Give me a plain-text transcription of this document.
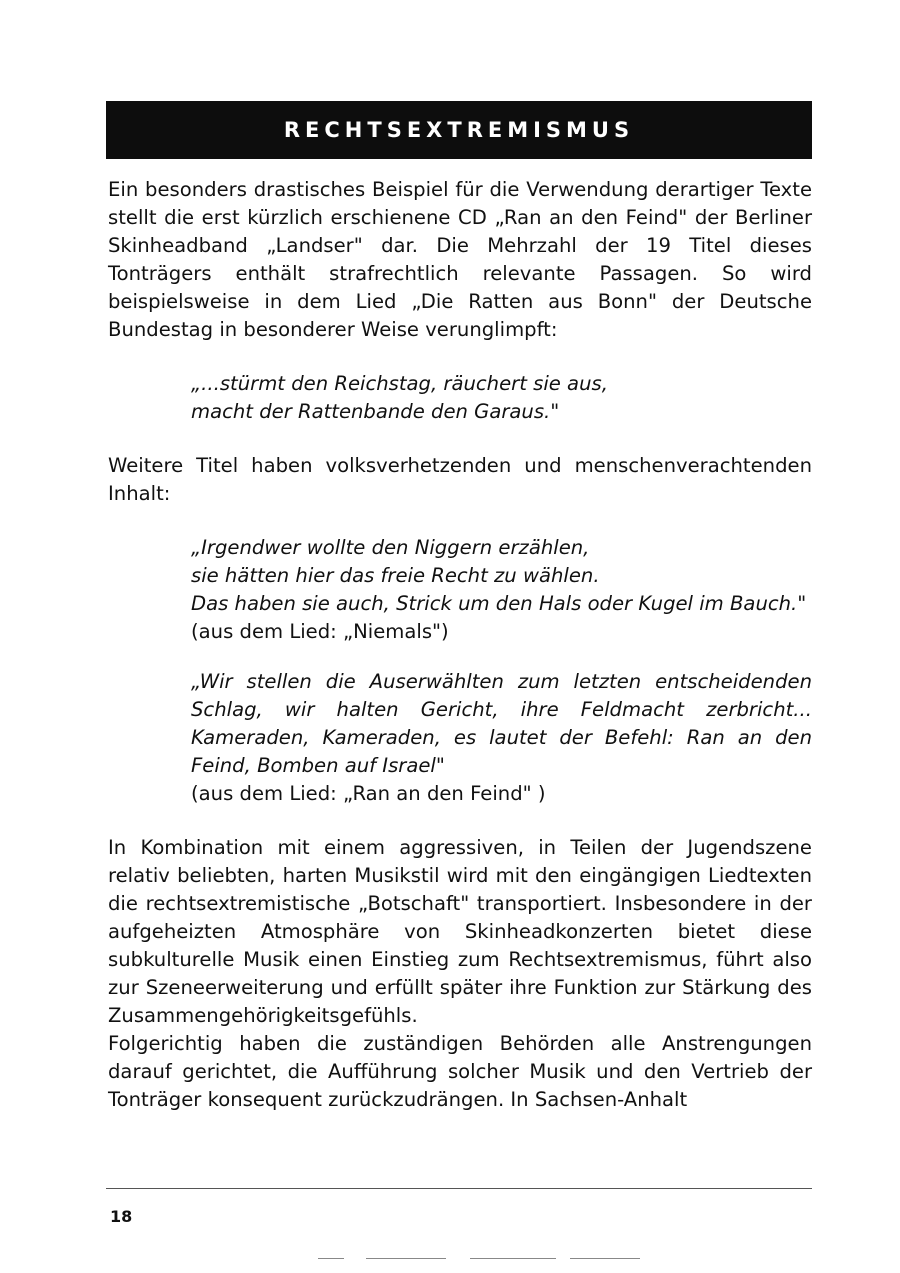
RECHTSEXTREMISMUS

Ein besonders drastisches Beispiel für die Verwendung derartiger Texte stellt die erst kürzlich erschienene CD „Ran an den Feind" der Berliner Skinheadband „Landser" dar. Die Mehrzahl der 19 Titel dieses Tonträgers enthält strafrechtlich relevante Passagen. So wird beispielsweise in dem Lied „Die Ratten aus Bonn" der Deutsche Bundestag in besonderer Weise verunglimpft:

„...stürmt den Reichstag, räuchert sie aus,
macht der Rattenbande den Garaus."

Weitere Titel haben volksverhetzenden und menschenverachtenden Inhalt:

„Irgendwer wollte den Niggern erzählen,
sie hätten hier das freie Recht zu wählen.
Das haben sie auch, Strick um den Hals oder Kugel im Bauch."
(aus dem Lied: „Niemals")

„Wir stellen die Auserwählten zum letzten entscheidenden Schlag, wir halten Gericht, ihre Feldmacht zerbricht... Kameraden, Kameraden, es lautet der Befehl: Ran an den Feind, Bomben auf Israel"
(aus dem Lied: „Ran an den Feind" )

In Kombination mit einem aggressiven, in Teilen der Jugendszene relativ beliebten, harten Musikstil wird mit den eingängigen Liedtexten die rechtsextremistische „Botschaft" transportiert. Insbesondere in der aufgeheizten Atmosphäre von Skinheadkonzerten bietet diese subkulturelle Musik einen Einstieg zum Rechtsextremismus, führt also zur Szeneerweiterung und erfüllt später ihre Funktion zur Stärkung des Zusammengehörigkeitsgefühls.

Folgerichtig haben die zuständigen Behörden alle Anstrengungen darauf gerichtet, die Aufführung solcher Musik und den Vertrieb der Tonträger konsequent zurückzudrängen. In Sachsen-Anhalt

18
